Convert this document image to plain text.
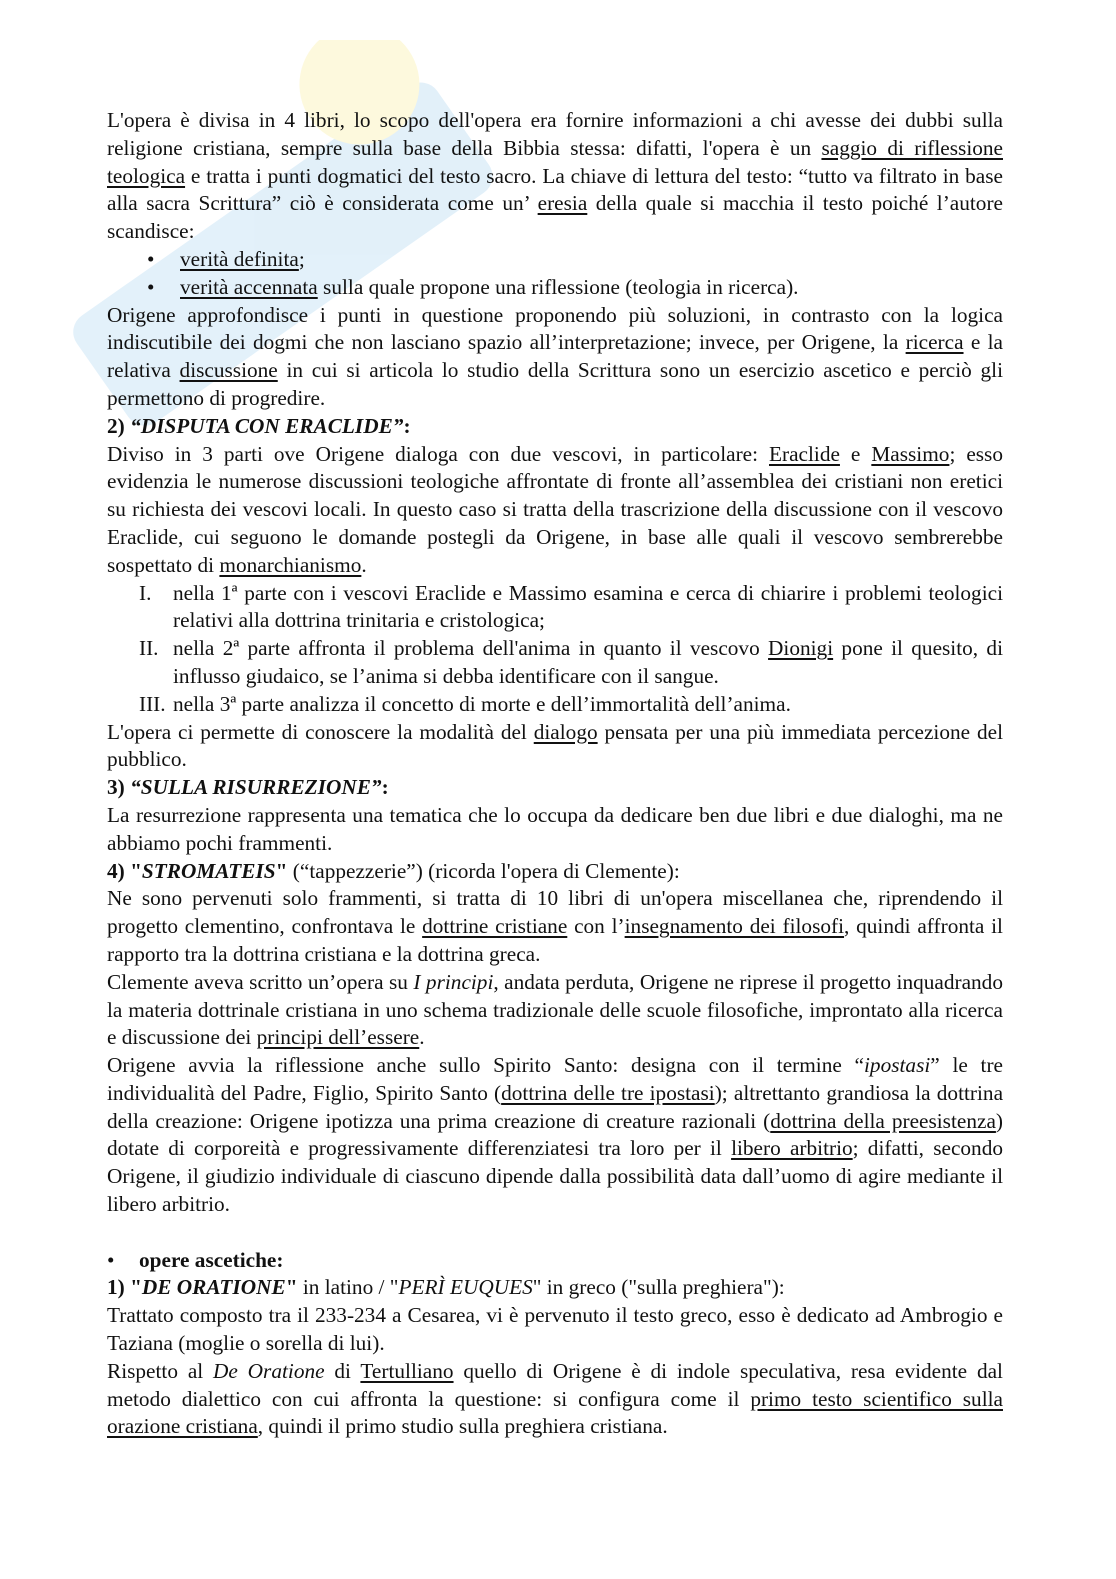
L'opera è divisa in 4 libri, lo scopo dell'opera era fornire informazioni a chi avesse dei dubbi sulla religione cristiana, sempre sulla base della Bibbia stessa: difatti, l'opera è un saggio di riflessione teologica e tratta i punti dogmatici del testo sacro. La chiave di lettura del testo: “tutto va filtrato in base alla sacra Scrittura” ciò è considerata come un’ eresia della quale si macchia il testo poiché l’autore scandisce:

• verità definita;
• verità accennata sulla quale propone una riflessione (teologia in ricerca).

Origene approfondisce i punti in questione proponendo più soluzioni, in contrasto con la logica indiscutibile dei dogmi che non lasciano spazio all’interpretazione; invece, per Origene, la ricerca e la relativa discussione in cui si articola lo studio della Scrittura sono un esercizio ascetico e perciò gli permettono di progredire.

2) “DISPUTA CON ERACLIDE”:

Diviso in 3 parti ove Origene dialoga con due vescovi, in particolare: Eraclide e Massimo; esso evidenzia le numerose discussioni teologiche affrontate di fronte all’assemblea dei cristiani non eretici su richiesta dei vescovi locali. In questo caso si tratta della trascrizione della discussione con il vescovo Eraclide, cui seguono le domande postegli da Origene, in base alle quali il vescovo sembrerebbe sospettato di monarchianismo.

I. nella 1ª parte con i vescovi Eraclide e Massimo esamina e cerca di chiarire i problemi teologici relativi alla dottrina trinitaria e cristologica;
II. nella 2ª parte affronta il problema dell'anima in quanto il vescovo Dionigi pone il quesito, di influsso giudaico, se l’anima si debba identificare con il sangue.
III. nella 3ª parte analizza il concetto di morte e dell’immortalità dell’anima.

L'opera ci permette di conoscere la modalità del dialogo pensata per una più immediata percezione del pubblico.

3) “SULLA RISURREZIONE”:

La resurrezione rappresenta una tematica che lo occupa da dedicare ben due libri e due dialoghi, ma ne abbiamo pochi frammenti.

4) "STROMATEIS" (“tappezzerie”) (ricorda l'opera di Clemente):

Ne sono pervenuti solo frammenti, si tratta di 10 libri di un'opera miscellanea che, riprendendo il progetto clementino, confrontava le dottrine cristiane con l’insegnamento dei filosofi, quindi affronta il rapporto tra la dottrina cristiana e la dottrina greca.

Clemente aveva scritto un’opera su I principi, andata perduta, Origene ne riprese il progetto inquadrando la materia dottrinale cristiana in uno schema tradizionale delle scuole filosofiche, improntato alla ricerca e discussione dei principi dell’essere.

Origene avvia la riflessione anche sullo Spirito Santo: designa con il termine “ipostasi” le tre individualità del Padre, Figlio, Spirito Santo (dottrina delle tre ipostasi); altrettanto grandiosa la dottrina della creazione: Origene ipotizza una prima creazione di creature razionali (dottrina della preesistenza) dotate di corporeità e progressivamente differenziatesi tra loro per il libero arbitrio; difatti, secondo Origene, il giudizio individuale di ciascuno dipende dalla possibilità data dall’uomo di agire mediante il libero arbitrio.

• opere ascetiche:

1) "DE ORATIONE" in latino / "PERÌ EUQUES" in greco ("sulla preghiera"):

Trattato composto tra il 233-234 a Cesarea, vi è pervenuto il testo greco, esso è dedicato ad Ambrogio e Taziana (moglie o sorella di lui).

Rispetto al De Oratione di Tertulliano quello di Origene è di indole speculativa, resa evidente dal metodo dialettico con cui affronta la questione: si configura come il primo testo scientifico sulla orazione cristiana, quindi il primo studio sulla preghiera cristiana.
